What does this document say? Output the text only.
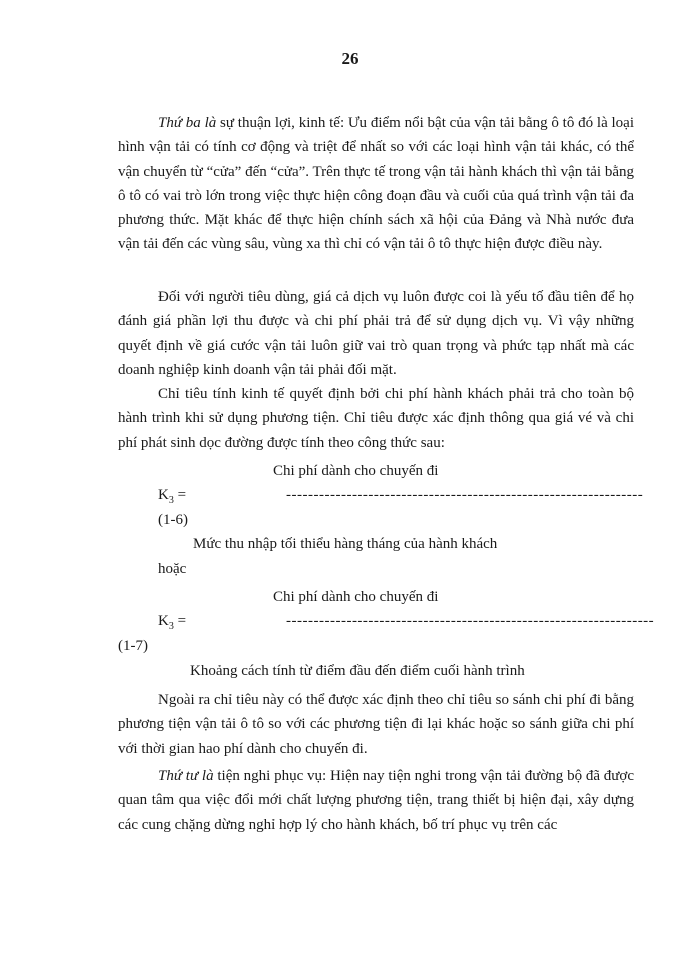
26

Thứ ba là sự thuận lợi, kinh tế: Ưu điểm nổi bật của vận tải bằng ô tô đó là loại hình vận tải có tính cơ động và triệt để nhất so với các loại hình vận tải khác, có thể vận chuyển từ “cửa” đến “cửa”. Trên thực tế trong vận tải hành khách thì vận tải bằng ô tô có vai trò lớn trong việc thực hiện công đoạn đầu và cuối của quá trình vận tải đa phương thức. Mặt khác để thực hiện chính sách xã hội của Đảng và Nhà nước đưa vận tải đến các vùng sâu, vùng xa thì chỉ có vận tải ô tô thực hiện được điều này.

Đối với người tiêu dùng, giá cả dịch vụ luôn được coi là yếu tố đầu tiên để họ đánh giá phần lợi thu được và chi phí phải trả để sử dụng dịch vụ. Vì vậy những quyết định về giá cước vận tải luôn giữ vai trò quan trọng và phức tạp nhất mà các doanh nghiệp kinh doanh vận tải phải đối mặt.

Chỉ tiêu tính kinh tế quyết định bởi chi phí hành khách phải trả cho toàn bộ hành trình khi sử dụng phương tiện. Chỉ tiêu được xác định thông qua giá vé và chi phí phát sinh dọc đường được tính theo công thức sau:

Chi phí dành cho chuyến đi
$K_3$ =	-----------------------------------------------------------------
(1-6)
Mức thu nhập tối thiểu hàng tháng của hành khách
hoặc
Chi phí dành cho chuyến đi
$K_3$ =	-------------------------------------------------------------------
(1-7)
Khoảng cách tính từ điểm đầu đến điểm cuối hành trình

Ngoài ra chỉ tiêu này có thể được xác định theo chỉ tiêu so sánh chi phí đi bằng phương tiện vận tải ô tô so với các phương tiện đi lại khác hoặc so sánh giữa chi phí với thời gian hao phí dành cho chuyến đi.

Thứ tư là tiện nghi phục vụ: Hiện nay tiện nghi trong vận tải đường bộ đã được quan tâm qua việc đổi mới chất lượng phương tiện, trang thiết bị hiện đại, xây dựng các cung chặng dừng nghỉ hợp lý cho hành khách, bố trí phục vụ trên các
